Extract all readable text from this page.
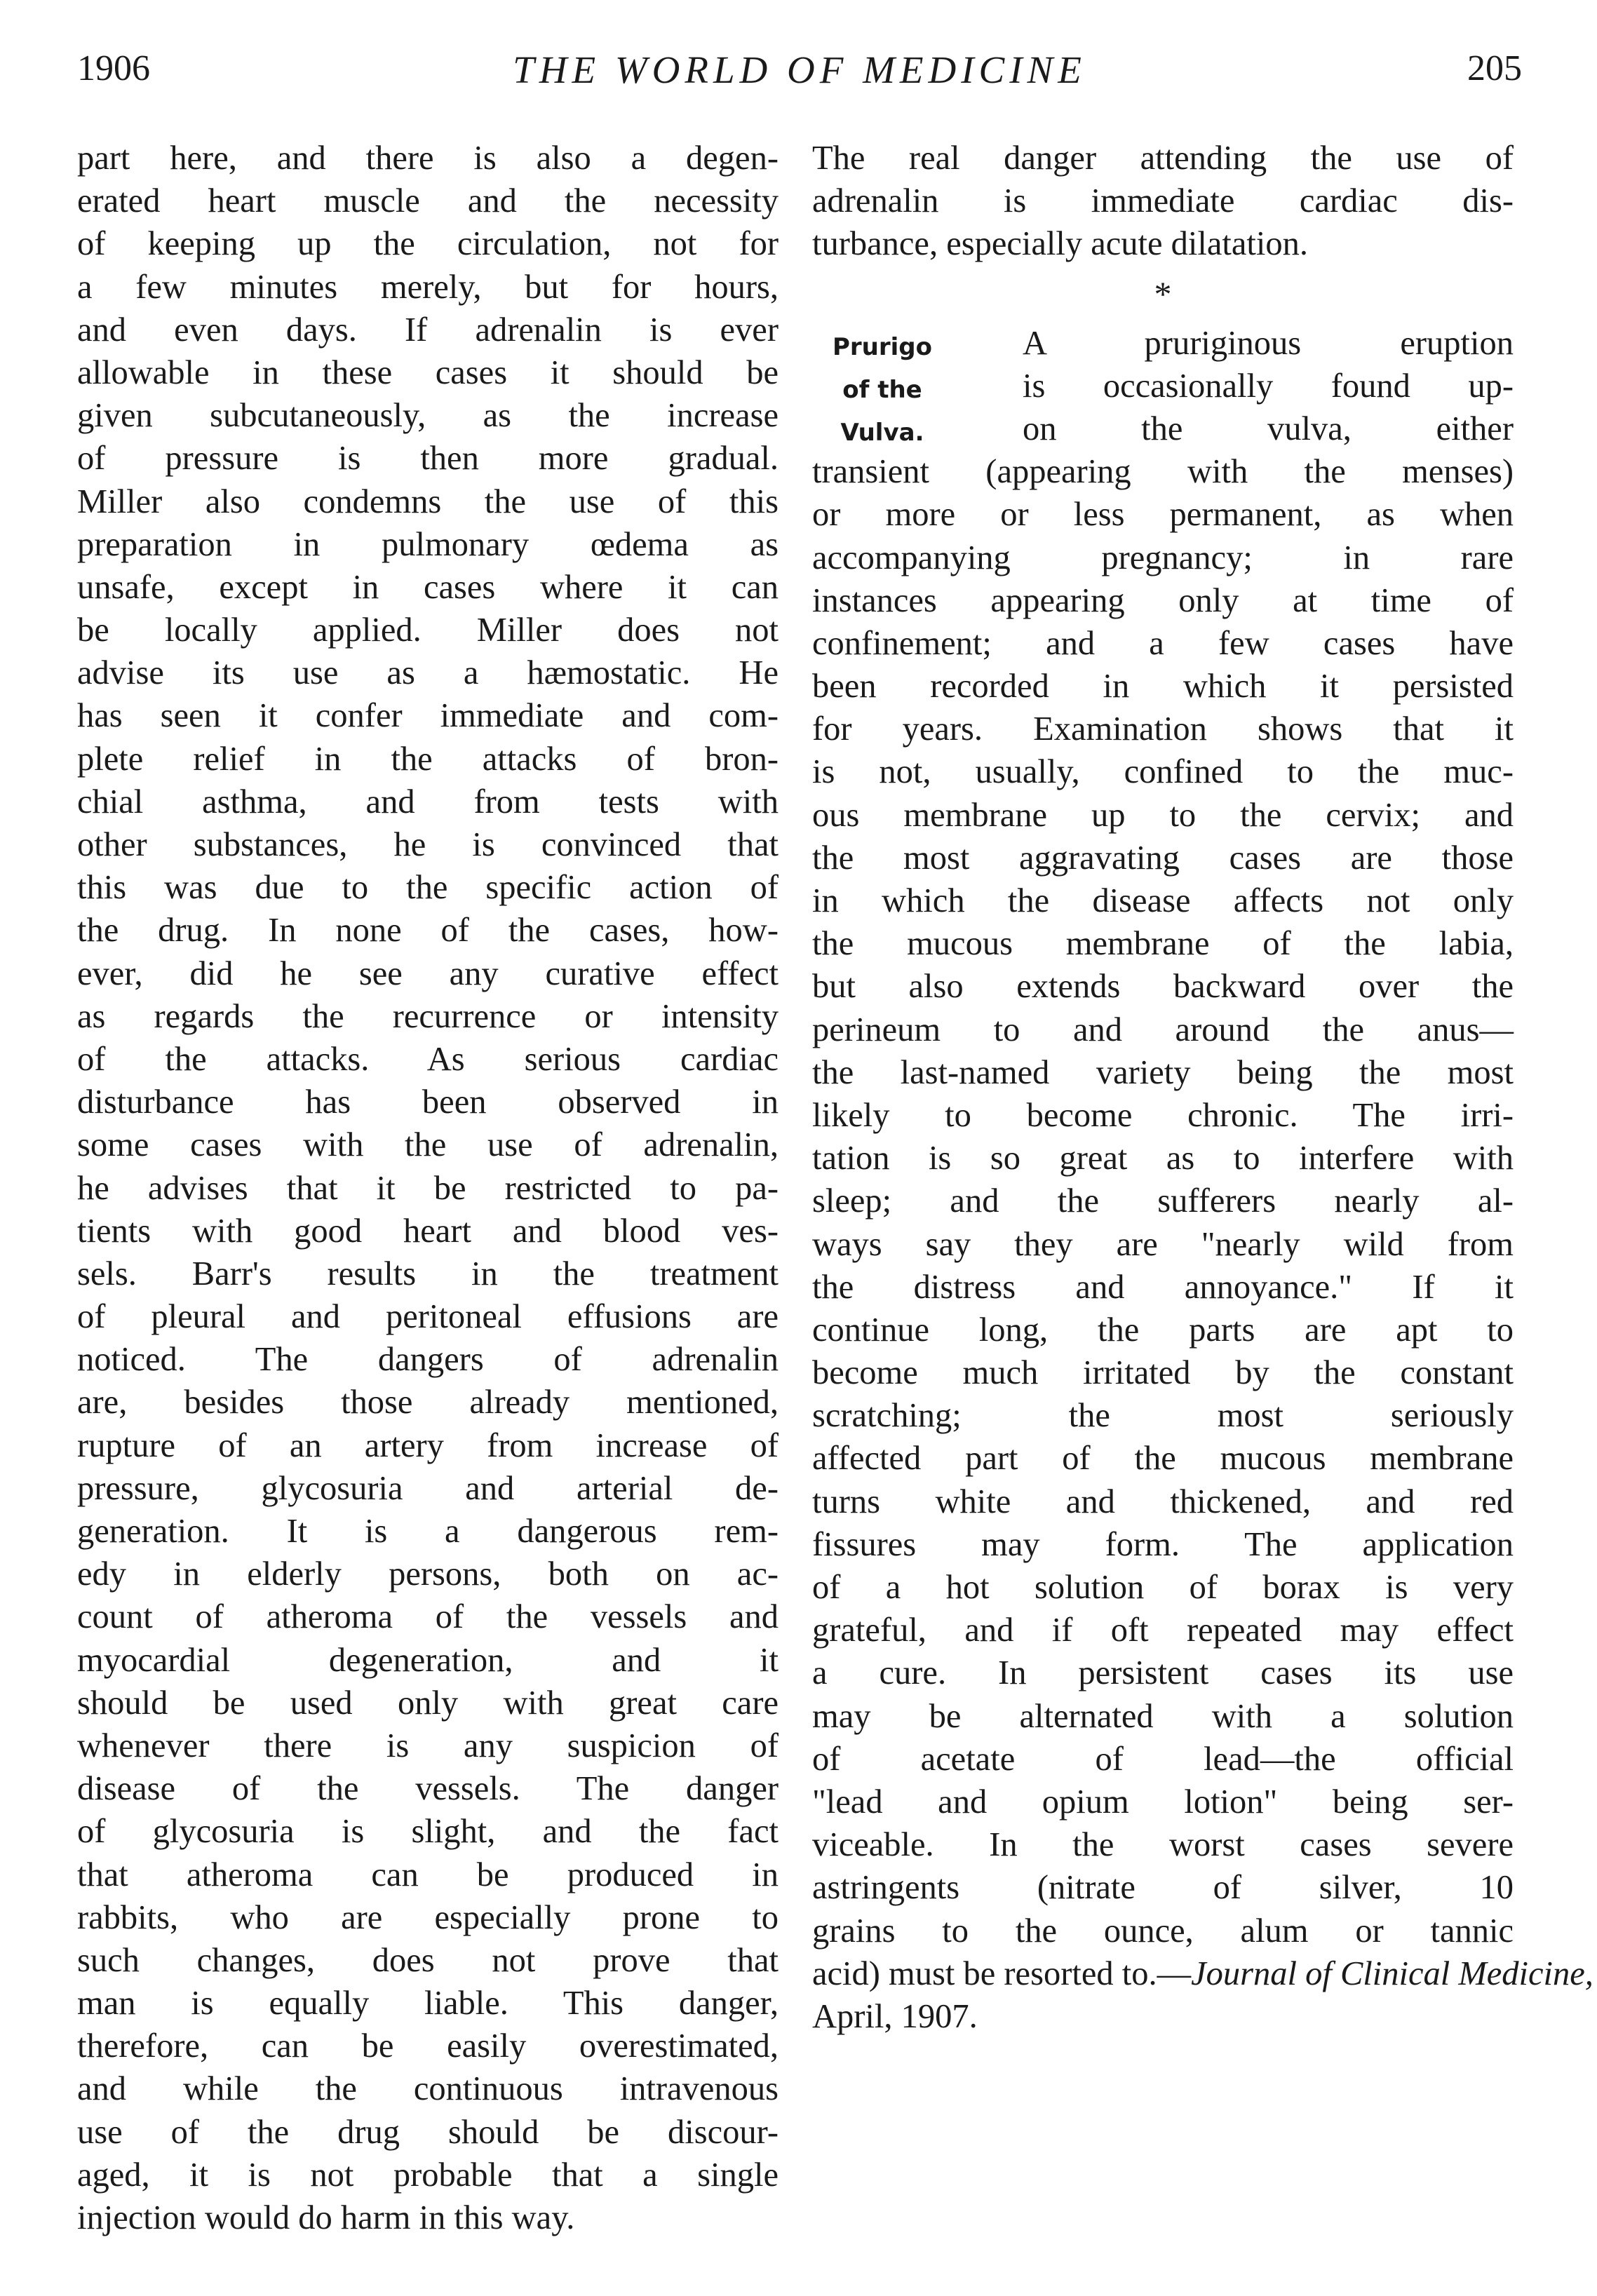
1906	THE WORLD OF MEDICINE	205
part here, and there is also a degen-
erated heart muscle and the necessity
of keeping up the circulation, not for
a few minutes merely, but for hours,
and even days. If adrenalin is ever
allowable in these cases it should be
given subcutaneously, as the increase
of pressure is then more gradual.
Miller also condemns the use of this
preparation in pulmonary œdema as
unsafe, except in cases where it can
be locally applied. Miller does not
advise its use as a hæmostatic. He
has seen it confer immediate and com-
plete relief in the attacks of bron-
chial asthma, and from tests with
other substances, he is convinced that
this was due to the specific action of
the drug. In none of the cases, how-
ever, did he see any curative effect
as regards the recurrence or intensity
of the attacks. As serious cardiac
disturbance has been observed in
some cases with the use of adrenalin,
he advises that it be restricted to pa-
tients with good heart and blood ves-
sels. Barr's results in the treatment
of pleural and peritoneal effusions are
noticed. The dangers of adrenalin
are, besides those already mentioned,
rupture of an artery from increase of
pressure, glycosuria and arterial de-
generation. It is a dangerous rem-
edy in elderly persons, both on ac-
count of atheroma of the vessels and
myocardial degeneration, and it
should be used only with great care
whenever there is any suspicion of
disease of the vessels. The danger
of glycosuria is slight, and the fact
that atheroma can be produced in
rabbits, who are especially prone to
such changes, does not prove that
man is equally liable. This danger,
therefore, can be easily overestimated,
and while the continuous intravenous
use of the drug should be discour-
aged, it is not probable that a single
injection would do harm in this way.
The real danger attending the use of
adrenalin is immediate cardiac dis-
turbance, especially acute dilatation.
*
Prurigo
of the
Vulva.
A pruriginous eruption
is occasionally found up-
on the vulva, either
transient (appearing with the menses)
or more or less permanent, as when
accompanying pregnancy; in rare
instances appearing only at time of
confinement; and a few cases have
been recorded in which it persisted
for years. Examination shows that it
is not, usually, confined to the muc-
ous membrane up to the cervix; and
the most aggravating cases are those
in which the disease affects not only
the mucous membrane of the labia,
but also extends backward over the
perineum to and around the anus—
the last-named variety being the most
likely to become chronic. The irri-
tation is so great as to interfere with
sleep; and the sufferers nearly al-
ways say they are "nearly wild from
the distress and annoyance." If it
continue long, the parts are apt to
become much irritated by the constant
scratching; the most seriously
affected part of the mucous membrane
turns white and thickened, and red
fissures may form. The application
of a hot solution of borax is very
grateful, and if oft repeated may effect
a cure. In persistent cases its use
may be alternated with a solution
of acetate of lead—the official
"lead and opium lotion" being ser-
viceable. In the worst cases severe
astringents (nitrate of silver, 10
grains to the ounce, alum or tannic
acid) must be resorted to.—Journal of Clinical Medicine,
April, 1907.
